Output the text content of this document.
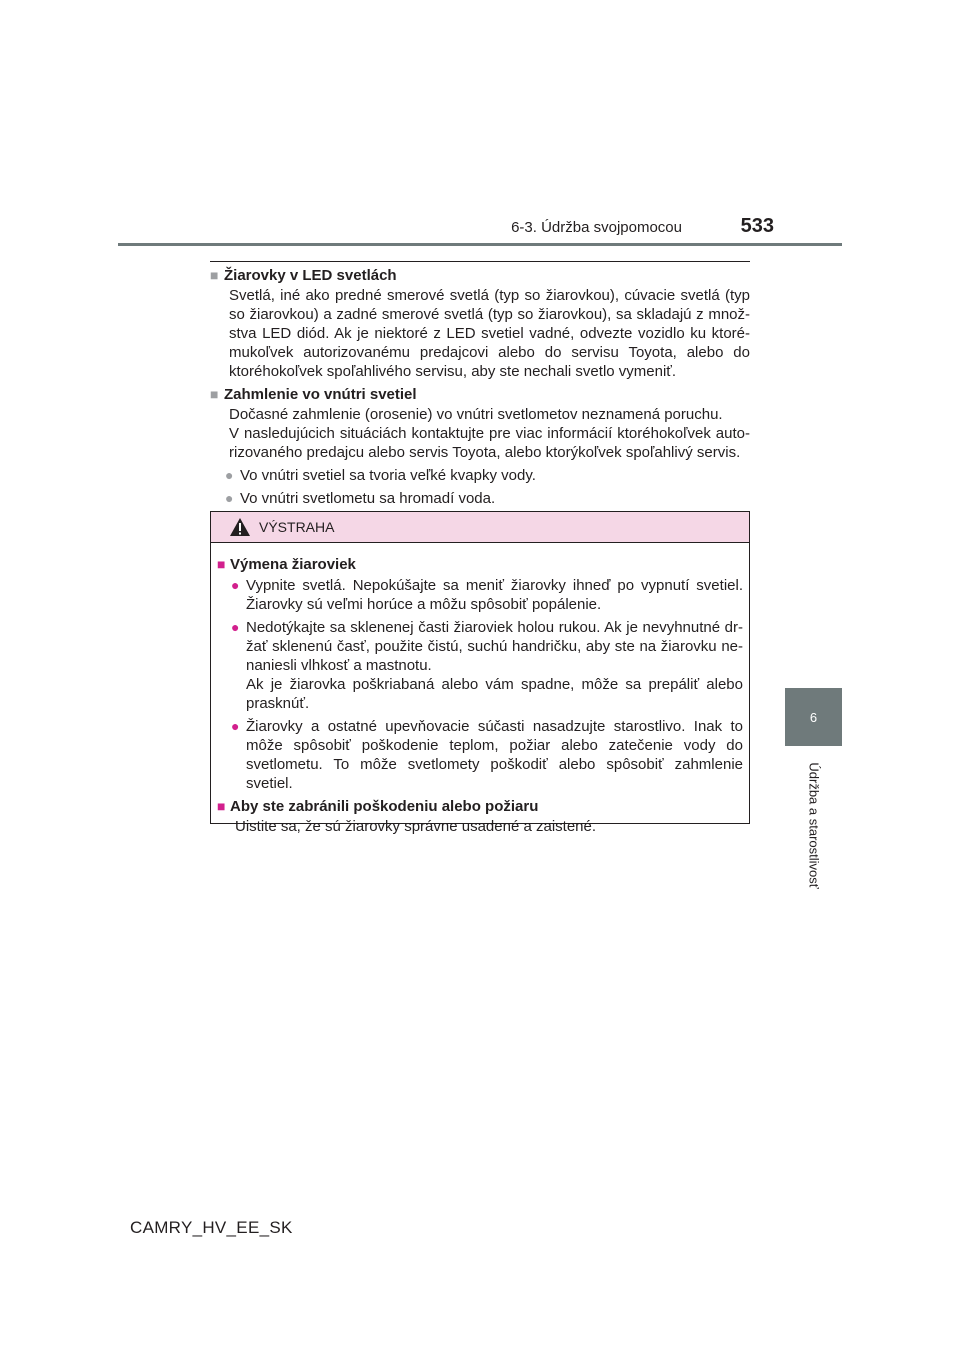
6-3. Údržba svojpomocou	533
6
Údržba a starostlivosť
■ Žiarovky v LED svetlách
Svetlá, iné ako predné smerové svetlá (typ so žiarovkou), cúvacie svetlá (typ so žiarovkou) a zadné smerové svetlá (typ so žiarovkou), sa skladajú z množ-stva LED diód. Ak je niektoré z LED svetiel vadné, odvezte vozidlo ku ktoré-mukoľvek autorizovanému predajcovi alebo do servisu Toyota, alebo do ktoréhokoľvek spoľahlivého servisu, aby ste nechali svetlo vymeniť.
■ Zahmlenie vo vnútri svetiel
Dočasné zahmlenie (orosenie) vo vnútri svetlometov neznamená poruchu.
V nasledujúcich situáciách kontaktujte pre viac informácií ktoréhokoľvek auto-rizovaného predajcu alebo servis Toyota, alebo ktorýkoľvek spoľahlivý servis.
● Vo vnútri svetiel sa tvoria veľké kvapky vody.
● Vo vnútri svetlometu sa hromadí voda.
VÝSTRAHA
■ Výmena žiaroviek
● Vypnite svetlá. Nepokúšajte sa meniť žiarovky ihneď po vypnutí svetiel. Žiarovky sú veľmi horúce a môžu spôsobiť popálenie.
● Nedotýkajte sa sklenenej časti žiaroviek holou rukou. Ak je nevyhnutné dr-žať sklenenú časť, použite čistú, suchú handričku, aby ste na žiarovku ne-naniesli vlhkosť a mastnotu.
Ak je žiarovka poškriabaná alebo vám spadne, môže sa prepáliť alebo prasknúť.
● Žiarovky a ostatné upevňovacie súčasti nasadzujte starostlivo. Inak to môže spôsobiť poškodenie teplom, požiar alebo zatečenie vody do svetlometu. To môže svetlomety poškodiť alebo spôsobiť zahmlenie svetiel.
■ Aby ste zabránili poškodeniu alebo požiaru
Uistite sa, že sú žiarovky správne usadené a zaistené.
CAMRY_HV_EE_SK
